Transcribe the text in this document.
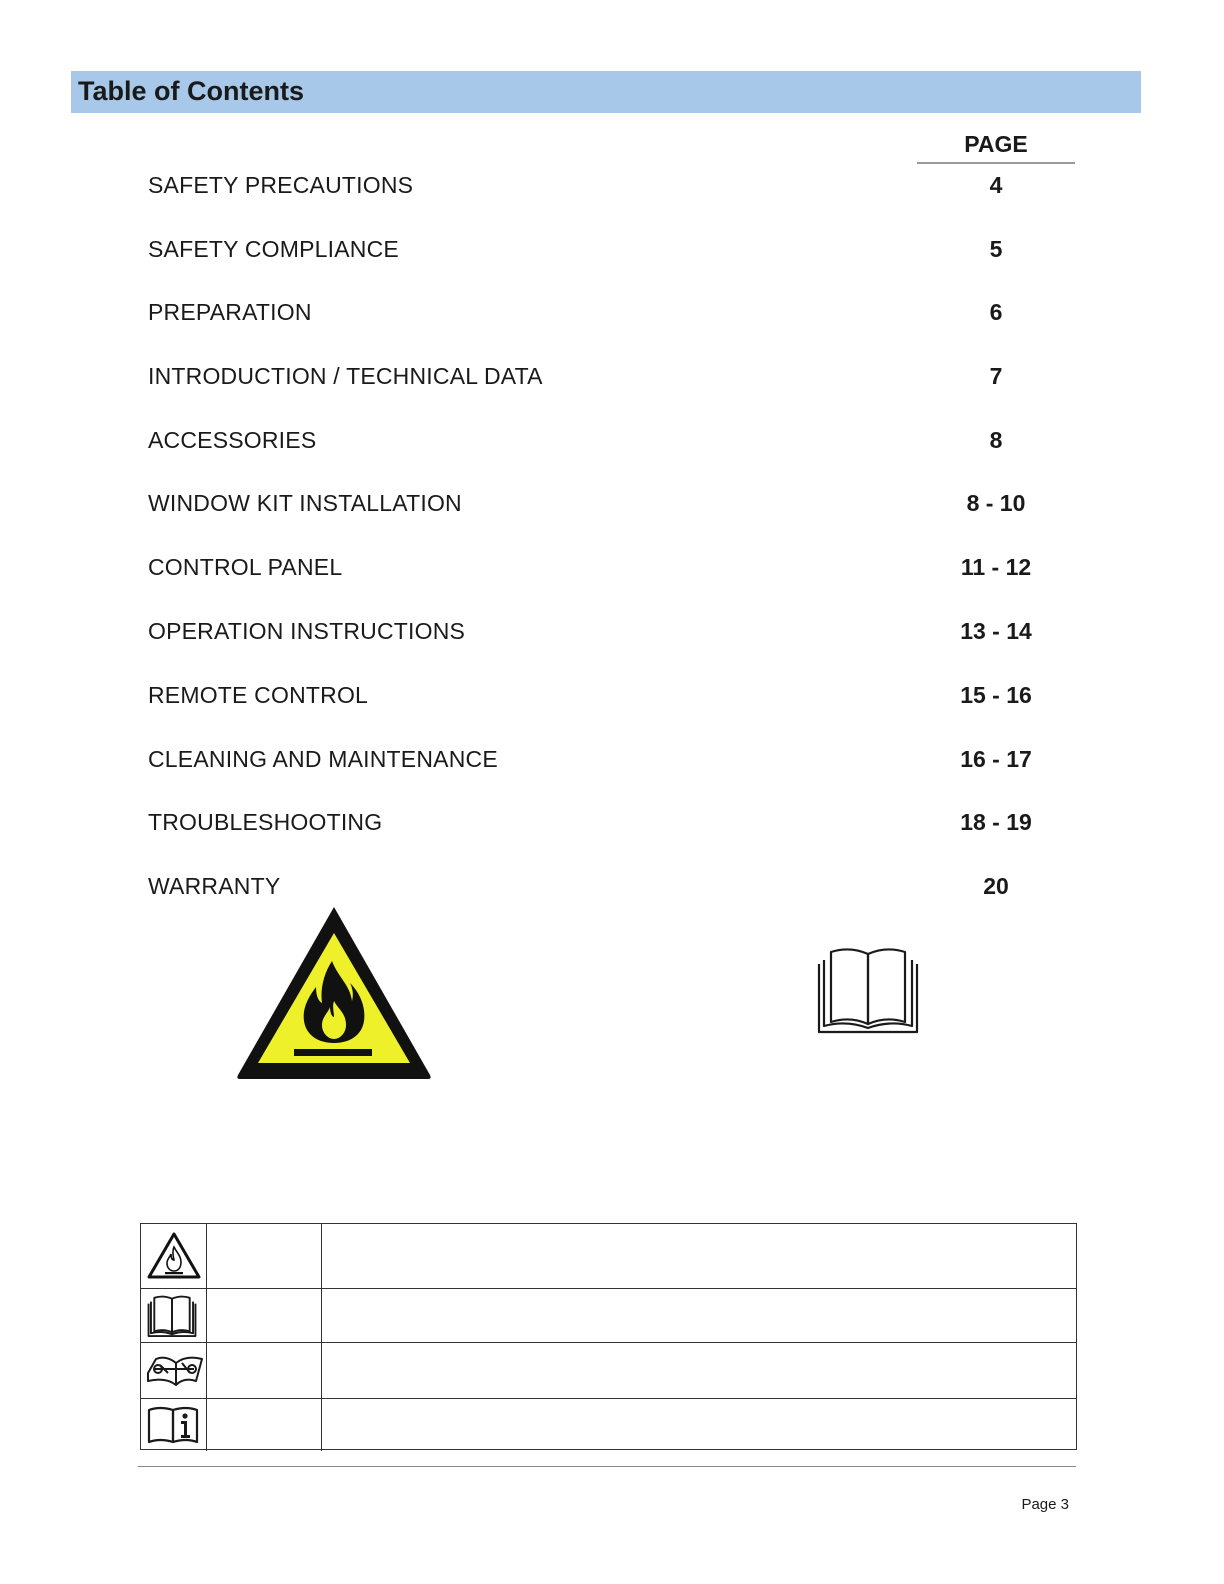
Table of Contents
PAGE
SAFETY PRECAUTIONS	4
SAFETY COMPLIANCE	5
PREPARATION	6
INTRODUCTION / TECHNICAL DATA	7
ACCESSORIES	8
WINDOW KIT INSTALLATION	8 - 10
CONTROL PANEL	11 - 12
OPERATION INSTRUCTIONS	13 - 14
REMOTE CONTROL	15 - 16
CLEANING AND MAINTENANCE	16 - 17
TROUBLESHOOTING	18 - 19
WARRANTY	20
Page 3
